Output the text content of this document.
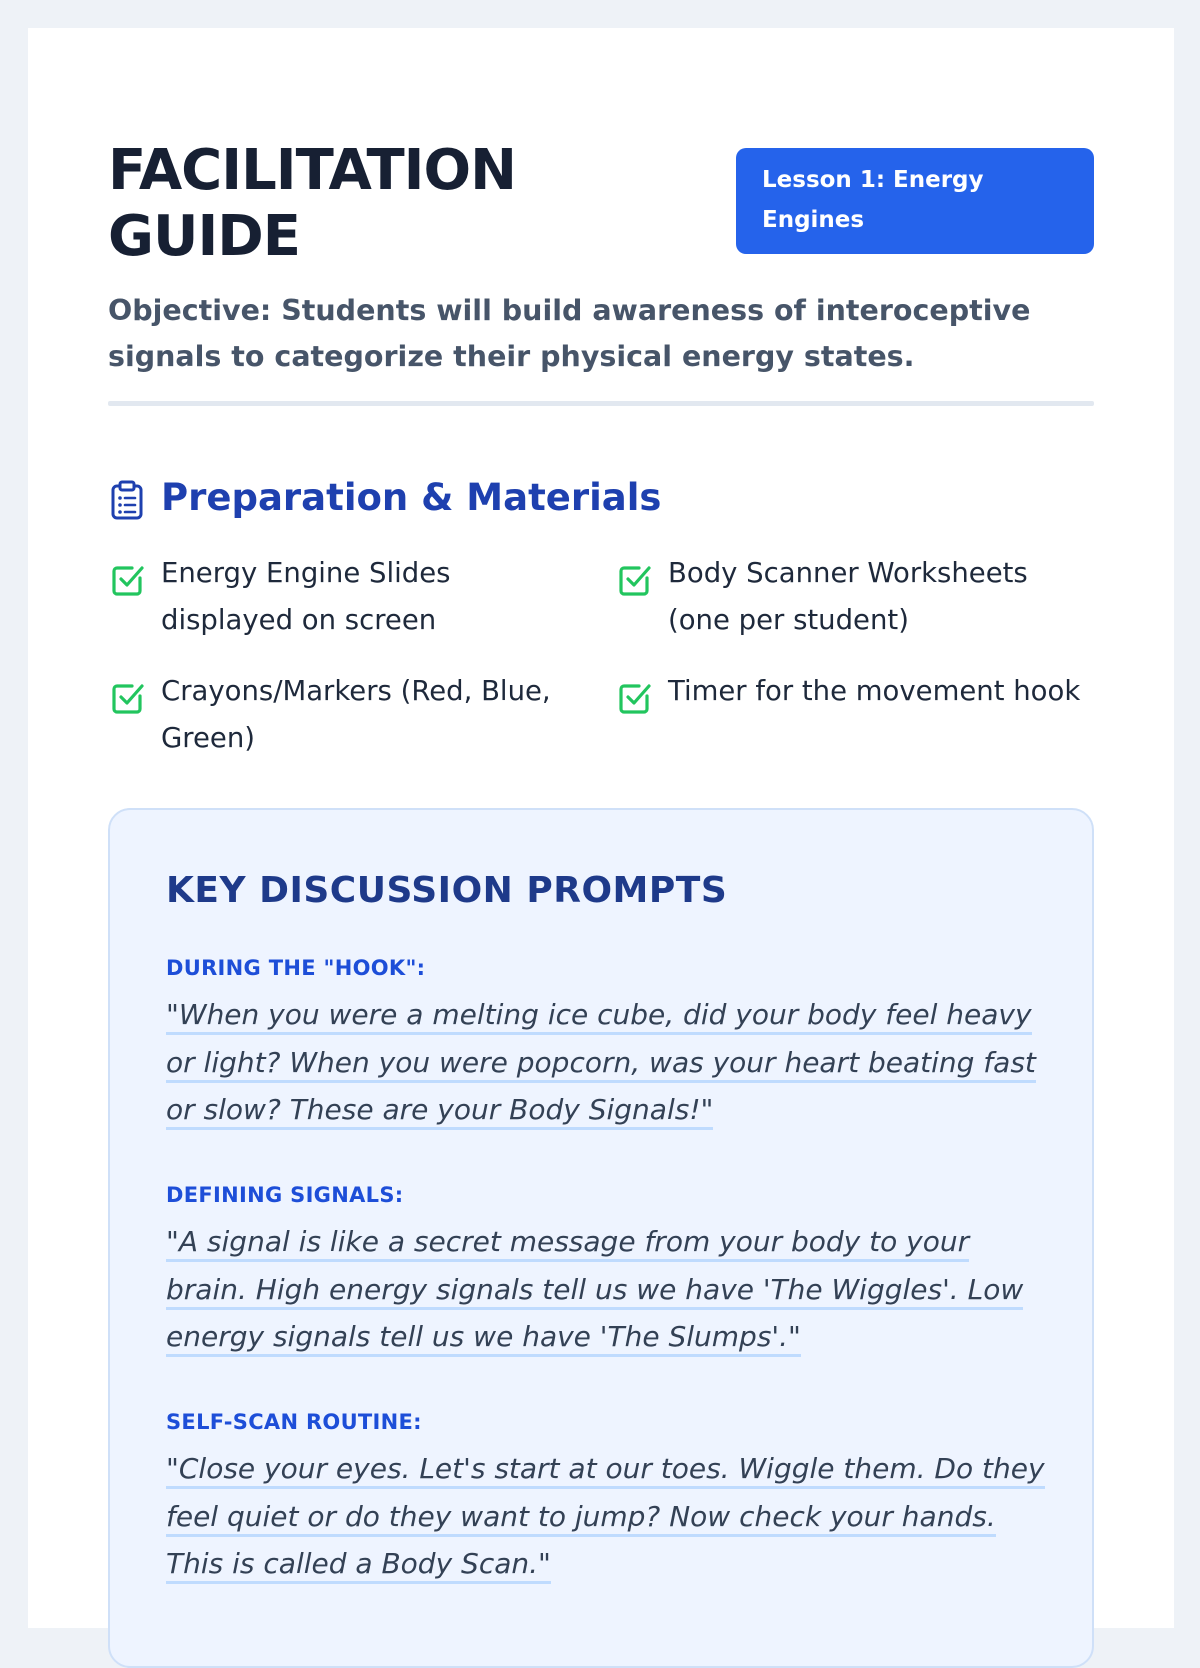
FACILITATION
GUIDE
Lesson 1: Energy Engines
Objective: Students will build awareness of interoceptive signals to categorize their physical energy states.
Preparation & Materials
Energy Engine Slides displayed on screen
Body Scanner Worksheets (one per student)
Crayons/Markers (Red, Blue, Green)
Timer for the movement hook
KEY DISCUSSION PROMPTS
DURING THE "HOOK":
"When you were a melting ice cube, did your body feel heavy or light? When you were popcorn, was your heart beating fast or slow? These are your Body Signals!"
DEFINING SIGNALS:
"A signal is like a secret message from your body to your brain. High energy signals tell us we have 'The Wiggles'. Low energy signals tell us we have 'The Slumps'."
SELF-SCAN ROUTINE:
"Close your eyes. Let's start at our toes. Wiggle them. Do they feel quiet or do they want to jump? Now check your hands. This is called a Body Scan."
